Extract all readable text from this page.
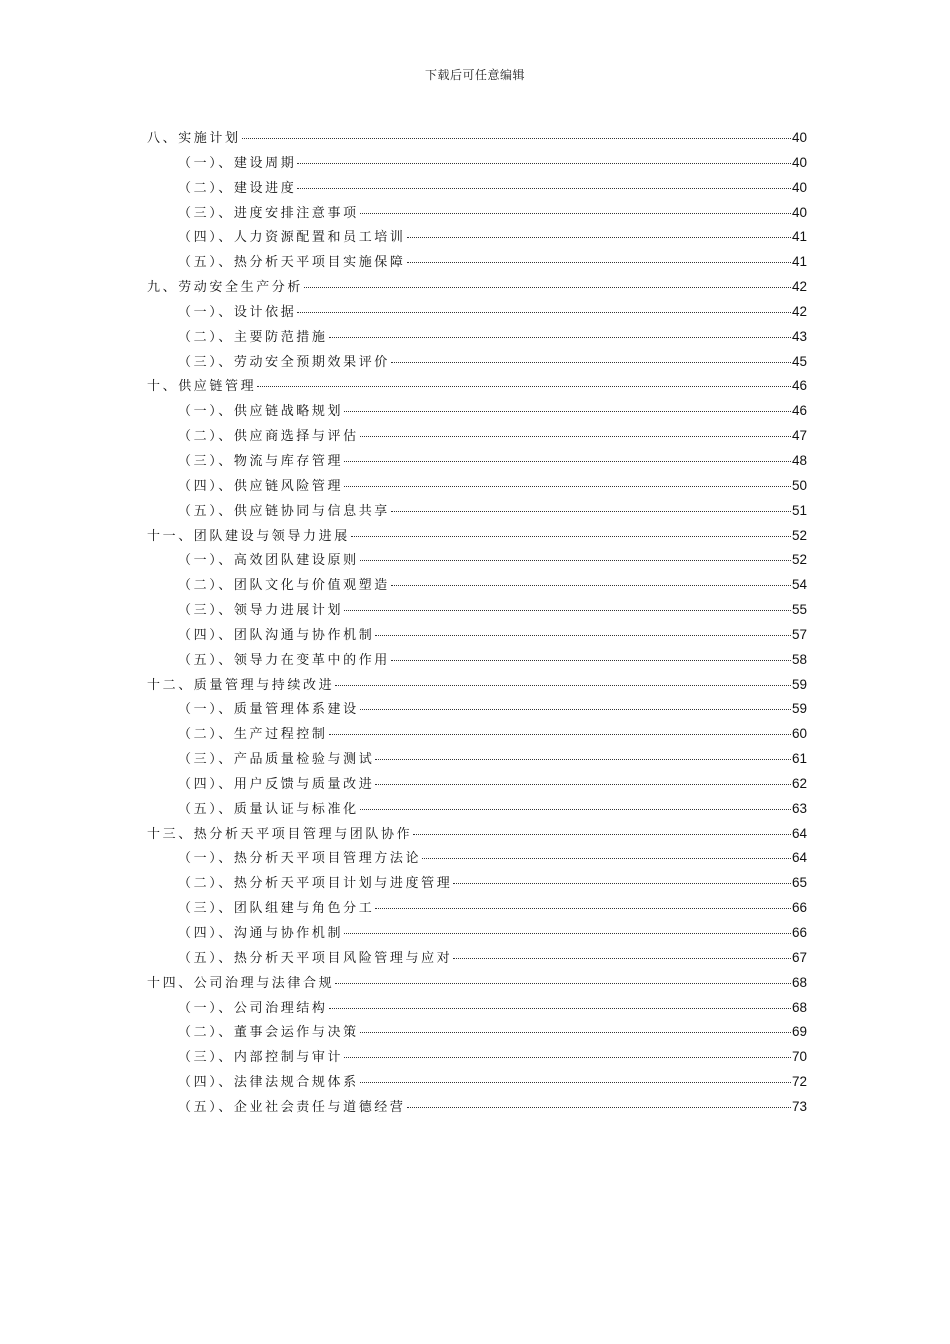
下载后可任意编辑
八、实施计划	40
（一）、建设周期	40
（二）、建设进度	40
（三）、进度安排注意事项	40
（四）、人力资源配置和员工培训	41
（五）、热分析天平项目实施保障	41
九、劳动安全生产分析	42
（一）、设计依据	42
（二）、主要防范措施	43
（三）、劳动安全预期效果评价	45
十、供应链管理	46
（一）、供应链战略规划	46
（二）、供应商选择与评估	47
（三）、物流与库存管理	48
（四）、供应链风险管理	50
（五）、供应链协同与信息共享	51
十一、团队建设与领导力进展	52
（一）、高效团队建设原则	52
（二）、团队文化与价值观塑造	54
（三）、领导力进展计划	55
（四）、团队沟通与协作机制	57
（五）、领导力在变革中的作用	58
十二、质量管理与持续改进	59
（一）、质量管理体系建设	59
（二）、生产过程控制	60
（三）、产品质量检验与测试	61
（四）、用户反馈与质量改进	62
（五）、质量认证与标准化	63
十三、热分析天平项目管理与团队协作	64
（一）、热分析天平项目管理方法论	64
（二）、热分析天平项目计划与进度管理	65
（三）、团队组建与角色分工	66
（四）、沟通与协作机制	66
（五）、热分析天平项目风险管理与应对	67
十四、公司治理与法律合规	68
（一）、公司治理结构	68
（二）、董事会运作与决策	69
（三）、内部控制与审计	70
（四）、法律法规合规体系	72
（五）、企业社会责任与道德经营	73
